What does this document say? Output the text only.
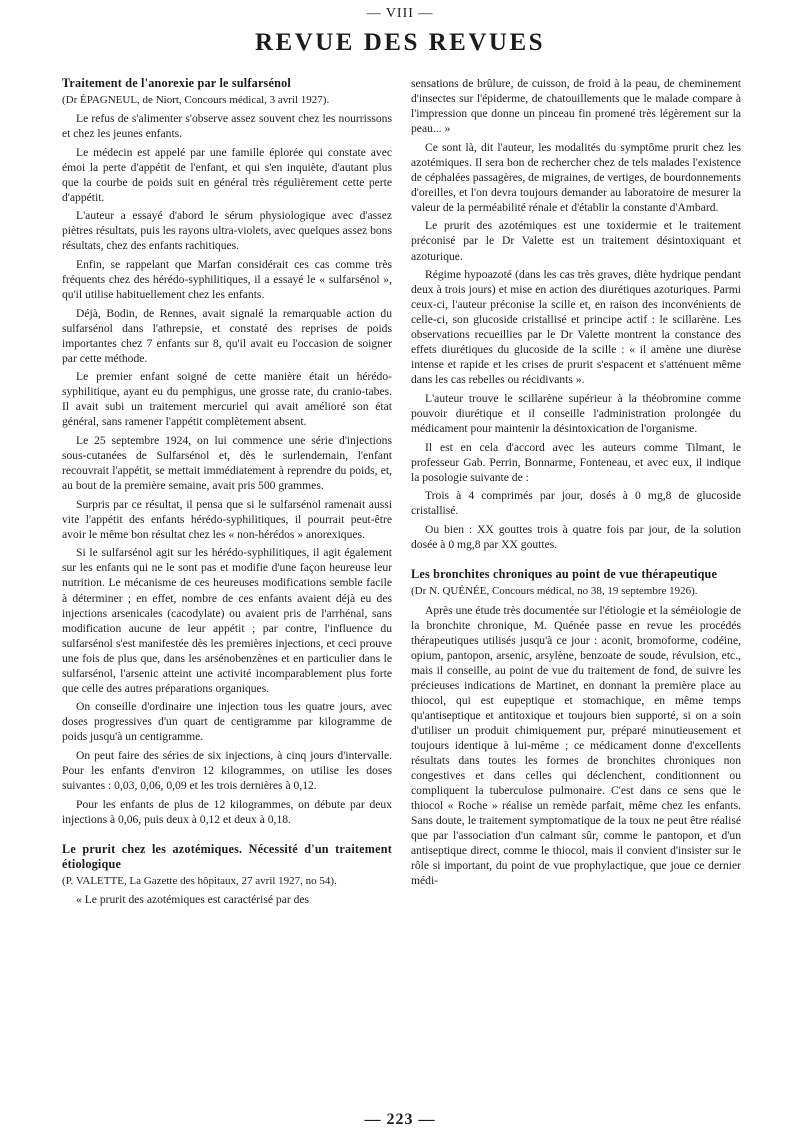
— VIII —
REVUE DES REVUES

Traitement de l'anorexie par le sulfarsénol

(Dr ÉPAGNEUL, de Niort, Concours médical, 3 avril 1927).

Le refus de s'alimenter s'observe assez souvent chez les nourrissons et chez les jeunes enfants.

Le médecin est appelé par une famille éplorée qui constate avec émoi la perte d'appétit de l'enfant, et qui s'en inquiète, d'autant plus que la courbe de poids suit en général très régulièrement cette perte d'appétit.

L'auteur a essayé d'abord le sérum physiologique avec d'assez piètres résultats, puis les rayons ultra-violets, avec quelques assez bons résultats, chez des enfants rachitiques.

Enfin, se rappelant que Marfan considérait ces cas comme très fréquents chez des hérédo-syphilitiques, il a essayé le « sulfarsénol », qu'il utilise habituellement chez les enfants.

Déjà, Bodin, de Rennes, avait signalé la remarquable action du sulfarsénol dans l'athrepsie, et constaté des reprises de poids importantes chez 7 enfants sur 8, qu'il avait eu l'occasion de soigner par cette méthode.

Le premier enfant soigné de cette manière était un hérédo-syphilitique, ayant eu du pemphigus, une grosse rate, du cranio-tabes. Il avait subi un traitement mercuriel qui avait amélioré son état général, sans ramener l'appétit complètement absent.

Le 25 septembre 1924, on lui commence une série d'injections sous-cutanées de Sulfarsénol et, dès le surlendemain, l'enfant recouvrait l'appétit, se mettait immédiatement à reprendre du poids, et, au bout de la première semaine, avait pris 500 grammes.

Surpris par ce résultat, il pensa que si le sulfarsénol ramenait aussi vite l'appétit des enfants hérédo-syphilitiques, il pourrait peut-être avoir le même bon résultat chez les « non-hérédos » anorexiques.

Si le sulfarsénol agit sur les hérédo-syphilitiques, il agit également sur les enfants qui ne le sont pas et modifie d'une façon heureuse leur nutrition. Le mécanisme de ces heureuses modifications semble facile à déterminer ; en effet, nombre de ces enfants avaient déjà eu des injections arsenicales (cacodylate) ou avaient pris de l'arrhénal, sans modification aucune de leur appétit ; par contre, l'influence du sulfarsénol s'est manifestée dès les premières injections, et ceci prouve une fois de plus que, dans les arsénobenzènes et en particulier dans le sulfarsénol, l'arsenic atteint une activité incomparablement plus forte que celle des autres préparations organiques.

On conseille d'ordinaire une injection tous les quatre jours, avec doses progressives d'un quart de centigramme par kilogramme de poids jusqu'à un centigramme.

On peut faire des séries de six injections, à cinq jours d'intervalle. Pour les enfants d'environ 12 kilogrammes, on utilise les doses suivantes : 0,03, 0,06, 0,09 et les trois dernières à 0,12.

Pour les enfants de plus de 12 kilogrammes, on débute par deux injections à 0,06, puis deux à 0,12 et deux à 0,18.

Le prurit chez les azotémiques. Nécessité d'un traitement étiologique

(P. VALETTE, La Gazette des hôpitaux, 27 avril 1927, no 54).

« Le prurit des azotémiques est caractérisé par des

sensations de brûlure, de cuisson, de froid à la peau, de cheminement d'insectes sur l'épiderme, de chatouillements que le malade compare à l'impression que donne un pinceau fin promené très légèrement sur la peau... »

Ce sont là, dit l'auteur, les modalités du symptôme prurit chez les azotémiques. Il sera bon de rechercher chez de tels malades l'existence de céphalées passagères, de migraines, de vertiges, de bourdonnements d'oreilles, et l'on devra toujours demander au laboratoire de mesurer la valeur de la perméabilité rénale et d'établir la constante d'Ambard.

Le prurit des azotémiques est une toxidermie et le traitement préconisé par le Dr Valette est un traitement désintoxiquant et azoturique.

Régime hypoazoté (dans les cas très graves, diète hydrique pendant deux à trois jours) et mise en action des diurétiques azoturiques. Parmi ceux-ci, l'auteur préconise la scille et, en raison des inconvénients de celle-ci, son glucoside cristallisé et principe actif : le scillarène. Les observations recueillies par le Dr Valette montrent la constance des effets diurétiques du glucoside de la scille : « il amène une diurèse intense et rapide et les crises de prurit s'espacent et s'atténuent même dans les cas rebelles ou récidivants ».

L'auteur trouve le scillarène supérieur à la théobromine comme pouvoir diurétique et il conseille l'administration prolongée du médicament pour maintenir la désintoxication de l'organisme.

Il est en cela d'accord avec les auteurs comme Tilmant, le professeur Gab. Perrin, Bonnarme, Fonteneau, et avec eux, il indique la posologie suivante de :

Trois à 4 comprimés par jour, dosés à 0 mg,8 de glucoside cristallisé.

Ou bien : XX gouttes trois à quatre fois par jour, de la solution dosée à 0 mg,8 par XX gouttes.

Les bronchites chroniques au point de vue thérapeutique

(Dr N. QUÉNÉE, Concours médical, no 38, 19 septembre 1926).

Après une étude très documentée sur l'étiologie et la séméiologie de la bronchite chronique, M. Quénée passe en revue les procédés thérapeutiques utilisés jusqu'à ce jour : aconit, bromoforme, codéine, opium, pantopon, arsenic, arsylène, benzoate de soude, révulsion, etc., mais il conseille, au point de vue du traitement de fond, de suivre les précieuses indications de Martinet, en donnant la première place au thiocol, qui est eupeptique et stomachique, en même temps qu'antiseptique et antitoxique et toujours bien supporté, si on a soin d'utiliser un produit chimiquement pur, préparé minutieusement et toujours identique à lui-même ; ce médicament donne d'excellents résultats dans toutes les formes de bronchites chroniques non congestives et dans celles qui déclenchent, conditionnent ou compliquent la tuberculose pulmonaire. C'est dans ce sens que le thiocol « Roche » réalise un remède parfait, même chez les enfants. Sans doute, le traitement symptomatique de la toux ne peut être réalisé que par l'association d'un calmant sûr, comme le pantopon, et d'un antiseptique direct, comme le thiocol, mais il convient d'insister sur le rôle si important, du point de vue prophylactique, que joue ce dernier médi-

— 223 —
